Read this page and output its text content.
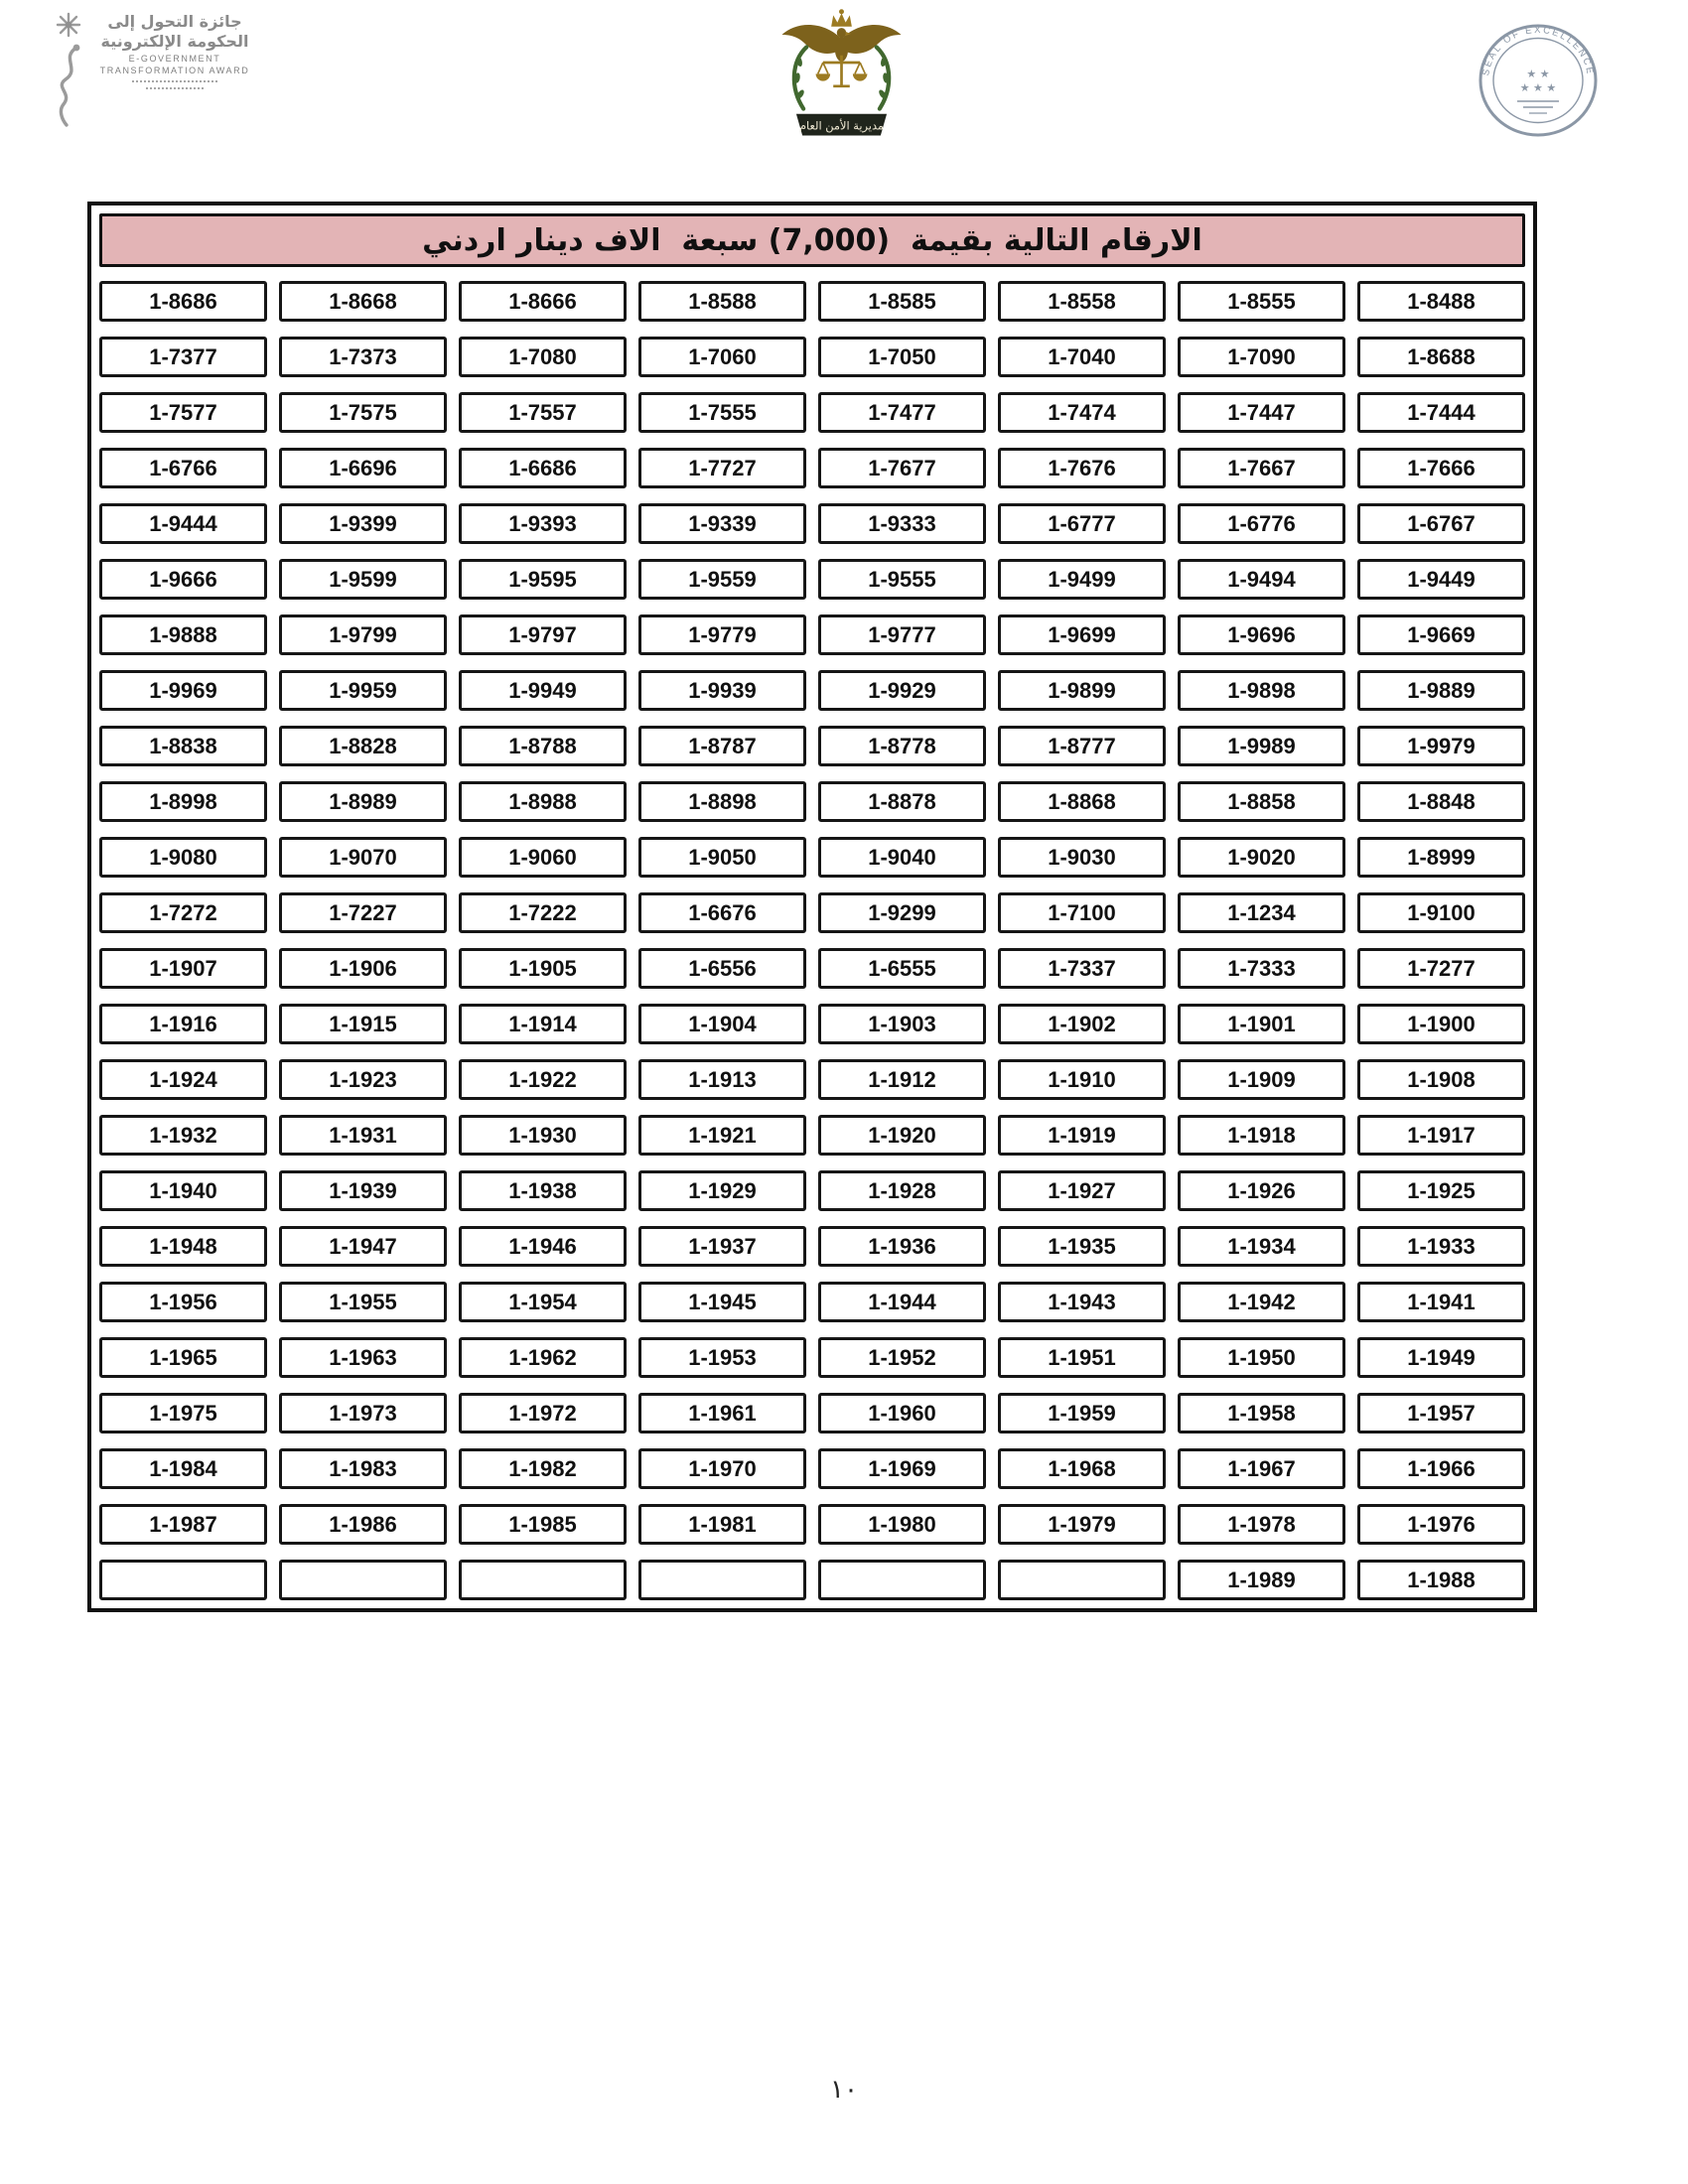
جائزة التحول إلى
الحكومة الإلكترونية
E-GOVERNMENT
TRANSFORMATION AWARD
مديرية الأمن العام
SEAL OF EXCELLENCE
★ ★
★ ★ ★
الارقام التالية بقيمة  (7,000) سبعة  الاف دينار اردني
1-8686	1-8668	1-8666	1-8588	1-8585	1-8558	1-8555	1-8488
1-7377	1-7373	1-7080	1-7060	1-7050	1-7040	1-7090	1-8688
1-7577	1-7575	1-7557	1-7555	1-7477	1-7474	1-7447	1-7444
1-6766	1-6696	1-6686	1-7727	1-7677	1-7676	1-7667	1-7666
1-9444	1-9399	1-9393	1-9339	1-9333	1-6777	1-6776	1-6767
1-9666	1-9599	1-9595	1-9559	1-9555	1-9499	1-9494	1-9449
1-9888	1-9799	1-9797	1-9779	1-9777	1-9699	1-9696	1-9669
1-9969	1-9959	1-9949	1-9939	1-9929	1-9899	1-9898	1-9889
1-8838	1-8828	1-8788	1-8787	1-8778	1-8777	1-9989	1-9979
1-8998	1-8989	1-8988	1-8898	1-8878	1-8868	1-8858	1-8848
1-9080	1-9070	1-9060	1-9050	1-9040	1-9030	1-9020	1-8999
1-7272	1-7227	1-7222	1-6676	1-9299	1-7100	1-1234	1-9100
1-1907	1-1906	1-1905	1-6556	1-6555	1-7337	1-7333	1-7277
1-1916	1-1915	1-1914	1-1904	1-1903	1-1902	1-1901	1-1900
1-1924	1-1923	1-1922	1-1913	1-1912	1-1910	1-1909	1-1908
1-1932	1-1931	1-1930	1-1921	1-1920	1-1919	1-1918	1-1917
1-1940	1-1939	1-1938	1-1929	1-1928	1-1927	1-1926	1-1925
1-1948	1-1947	1-1946	1-1937	1-1936	1-1935	1-1934	1-1933
1-1956	1-1955	1-1954	1-1945	1-1944	1-1943	1-1942	1-1941
1-1965	1-1963	1-1962	1-1953	1-1952	1-1951	1-1950	1-1949
1-1975	1-1973	1-1972	1-1961	1-1960	1-1959	1-1958	1-1957
1-1984	1-1983	1-1982	1-1970	1-1969	1-1968	1-1967	1-1966
1-1987	1-1986	1-1985	1-1981	1-1980	1-1979	1-1978	1-1976
1-1989	1-1988
١٠
